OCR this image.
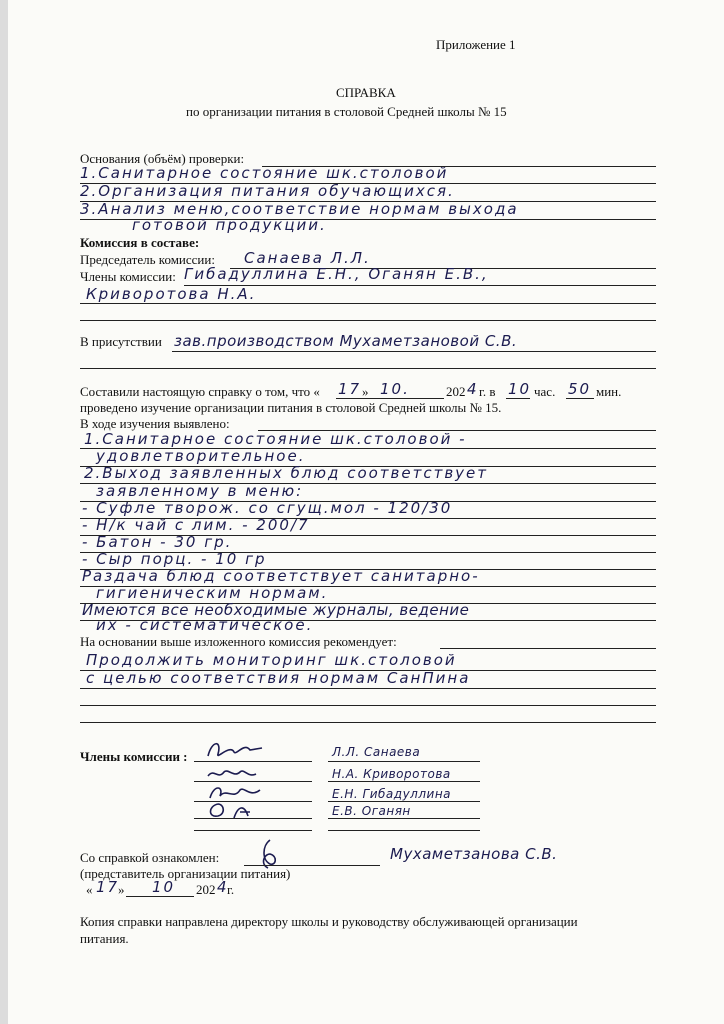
Приложение 1
СПРАВКА
по организации питания в столовой Средней школы № 15
Основания (объём) проверки:
1.Санитарное состояние шк.столовой
2.Организация питания обучающихся.
3.Анализ меню,соответствие нормам выхода
готовой продукции.
Комиссия в составе:
Председатель комиссии: Санаева Л.Л.
Члены комиссии: Гибадуллина Е.Н., Оганян Е.В.,
Криворотова Н.А.
В присутствии зав.производством Мухаметзановой С.В.
Составили настоящую справку о том, что « 17 » 10.	202 4 г. в 10 час. 50 мин.
проведено изучение организации питания в столовой Средней школы № 15.
В ходе изучения выявлено:
1.Санитарное состояние шк.столовой -
удовлетворительное.
2.Выход заявленных блюд соответствует
заявленному в меню:
- Суфле творож. со сгущ.мол - 120/30
- Н/к чай с лим. - 200/7
- Батон - 30 гр.
- Сыр порц. - 10 гр
Раздача блюд соответствует санитарно-
гигиеническим нормам.
Имеются все необходимые журналы, ведение
их - систематическое.
На основании выше изложенного комиссия рекомендует:
Продолжить мониторинг шк.столовой
с целью соответствия нормам СанПина
Члены комиссии :	Л.Л. Санаева
Н.А. Криворотова
Е.Н. Гибадуллина
Е.В. Оганян
Со справкой ознакомлен:	Мухаметзанова С.В.
(представитель организации питания)
« 17
» 10 202 4
г.
Копия справки направлена директору школы и руководству обслуживающей организации
питания.
